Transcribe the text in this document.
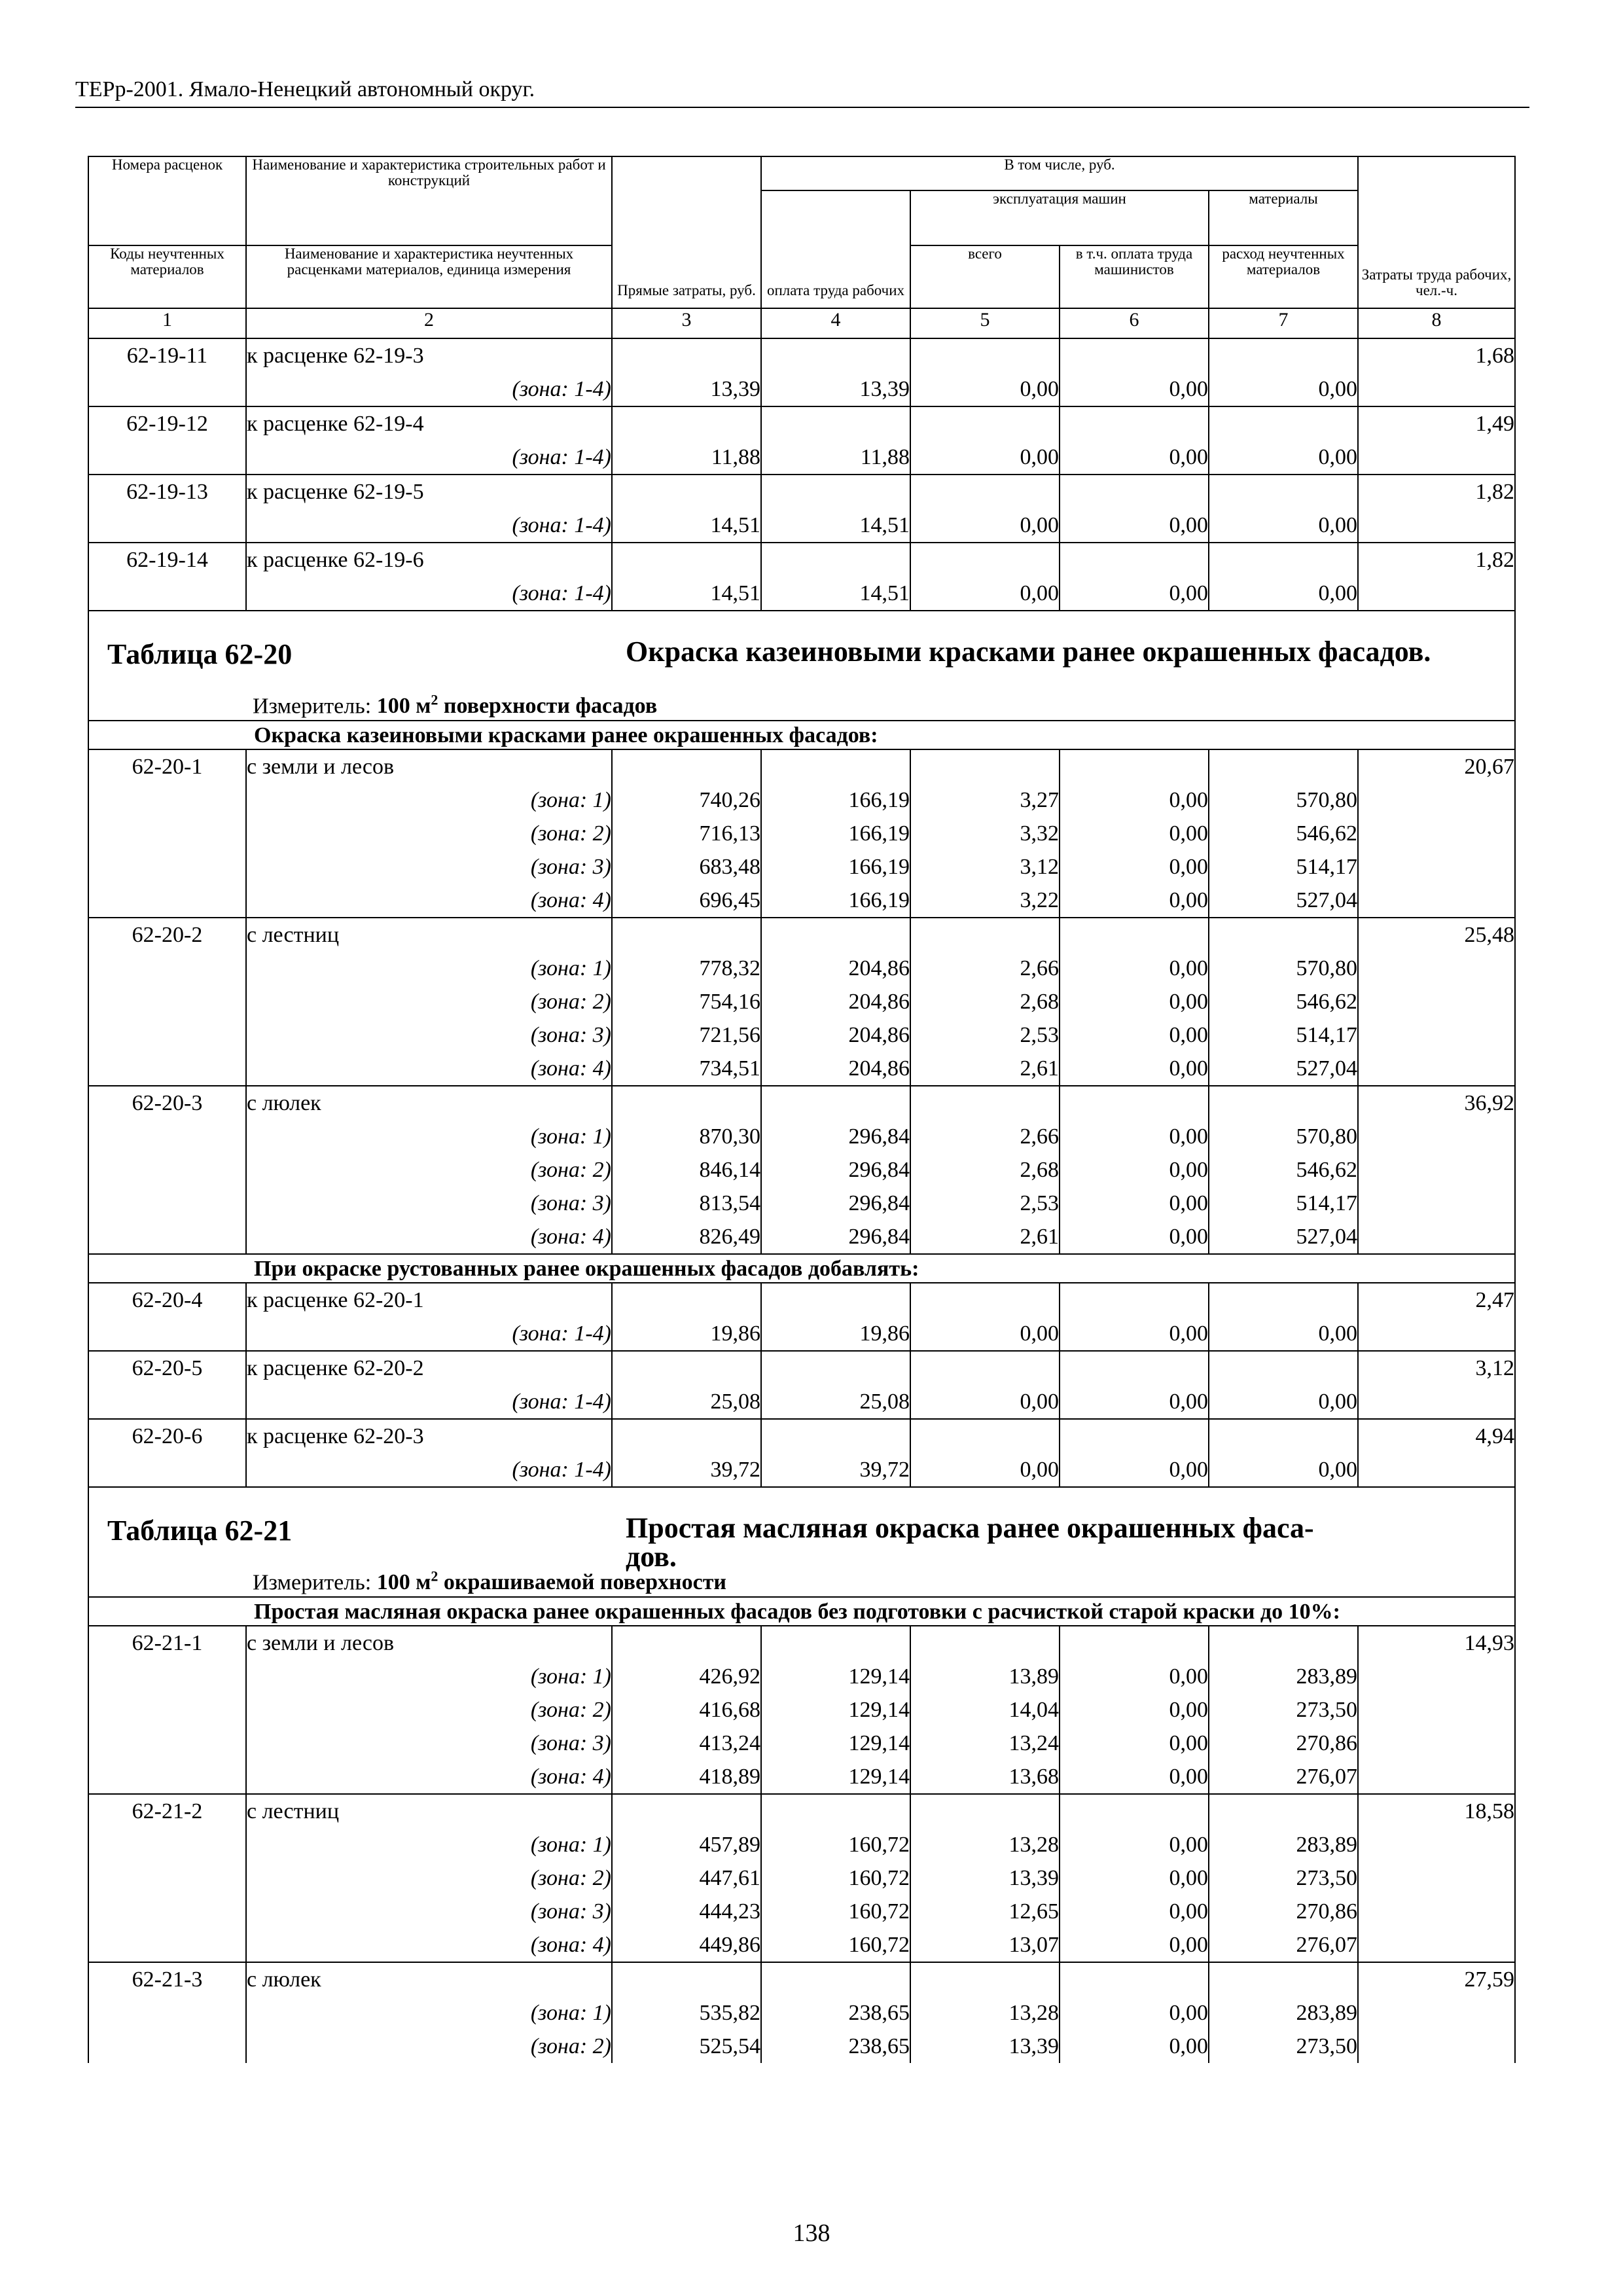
ТЕРр-2001. Ямало-Ненецкий автономный округ.
Номера расценок	Наименование и характеристика строительных работ и конструкций	Прямые затраты, руб.	В том числе, руб.				Затраты труда рабочих, чел.-ч.
			оплата труда рабочих	эксплуатация машин		материалы	
Коды неучтенных материалов	Наименование и характеристика неучтенных расценками материалов, единица измерения			всего	в т.ч. оплата труда машинистов	расход неучтенных материалов	
1	2	3	4	5	6	7	8
62-19-11	к расценке 62-19-3						1,68
	(зона: 1-4)	13,39	13,39	0,00	0,00	0,00	
62-19-12	к расценке 62-19-4						1,49
	(зона: 1-4)	11,88	11,88	0,00	0,00	0,00	
62-19-13	к расценке 62-19-5						1,82
	(зона: 1-4)	14,51	14,51	0,00	0,00	0,00	
62-19-14	к расценке 62-19-6						1,82
	(зона: 1-4)	14,51	14,51	0,00	0,00	0,00	

Таблица 62-20 Окраска казеиновыми красками ранее окрашенных фасадов.
Измеритель: 100 $м^2$ поверхности фасадов							

	Окраска казеиновыми красками ранее окрашенных фасадов:						
62-20-1	с земли и лесов						20,67
	(зона: 1)	740,26	166,19	3,27	0,00	570,80	
	(зона: 2)	716,13	166,19	3,32	0,00	546,62	
	(зона: 3)	683,48	166,19	3,12	0,00	514,17	
	(зона: 4)	696,45	166,19	3,22	0,00	527,04	
62-20-2	с лестниц						25,48
	(зона: 1)	778,32	204,86	2,66	0,00	570,80	
	(зона: 2)	754,16	204,86	2,68	0,00	546,62	
	(зона: 3)	721,56	204,86	2,53	0,00	514,17	
	(зона: 4)	734,51	204,86	2,61	0,00	527,04	
62-20-3	с люлек						36,92
	(зона: 1)	870,30	296,84	2,66	0,00	570,80	
	(зона: 2)	846,14	296,84	2,68	0,00	546,62	
	(зона: 3)	813,54	296,84	2,53	0,00	514,17	
	(зона: 4)	826,49	296,84	2,61	0,00	527,04	
	При окраске рустованных ранее окрашенных фасадов добавлять:						
62-20-4	к расценке 62-20-1						2,47
	(зона: 1-4)	19,86	19,86	0,00	0,00	0,00	
62-20-5	к расценке 62-20-2						3,12
	(зона: 1-4)	25,08	25,08	0,00	0,00	0,00	
62-20-6	к расценке 62-20-3						4,94
	(зона: 1-4)	39,72	39,72	0,00	0,00	0,00	

Таблица 62-21 Простая масляная окраска ранее окрашенных фаса-
дов.
Измеритель: 100 $м^2$ окрашиваемой поверхности							

	Простая масляная окраска ранее окрашенных фасадов без подготовки с расчисткой старой краски до 10%:						
62-21-1	с земли и лесов						14,93
	(зона: 1)	426,92	129,14	13,89	0,00	283,89	
	(зона: 2)	416,68	129,14	14,04	0,00	273,50	
	(зона: 3)	413,24	129,14	13,24	0,00	270,86	
	(зона: 4)	418,89	129,14	13,68	0,00	276,07	
62-21-2	с лестниц						18,58
	(зона: 1)	457,89	160,72	13,28	0,00	283,89	
	(зона: 2)	447,61	160,72	13,39	0,00	273,50	
	(зона: 3)	444,23	160,72	12,65	0,00	270,86	
	(зона: 4)	449,86	160,72	13,07	0,00	276,07	
62-21-3	с люлек						27,59
	(зона: 1)	535,82	238,65	13,28	0,00	283,89	
	(зона: 2)	525,54	238,65	13,39	0,00	273,50	
138
